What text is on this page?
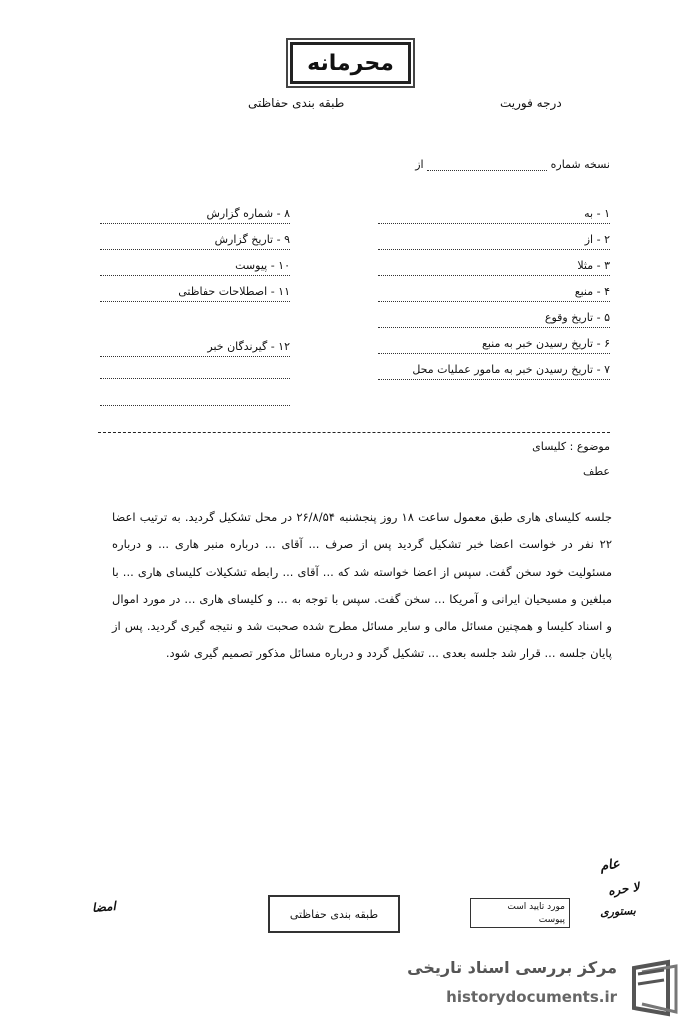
محرمانه
طبقه بندی حفاظتی	درجه فوریت
نسخه شماره  از
۱ - به
۲ - از
۳ - مثلا
۴ - منبع
۵ - تاریخ وقوع
۶ - تاریخ رسیدن خبر به منبع
۷ - تاریخ رسیدن خبر به مامور عملیات محل
۸ - شماره گزارش
۹ - تاریخ گزارش
۱۰ - پیوست
۱۱ - اصطلاحات حفاظتی
۱۲ - گیرندگان خبر
موضوع : کلیسای
عطف
جلسه کلیسای هاری طبق معمول ساعت ۱۸ روز پنجشنبه ۲۶/۸/۵۴ در محل تشکیل گردید. به ترتیب اعضا ۲۲ نفر در خواست اعضا خبر تشکیل گردید پس از صرف ... آقای ... درباره منبر هاری ... و درباره مسئولیت خود سخن گفت. سپس از اعضا خواسته شد که ... آقای ... رابطه تشکیلات کلیسای هاری ... با مبلغین و مسیحیان ایرانی و آمریکا ... سخن گفت. سپس با توجه به ... و کلیسای هاری ... در مورد اموال و اسناد کلیسا و همچنین مسائل مالی و سایر مسائل مطرح شده صحبت شد و نتیجه گیری گردید. پس از پایان جلسه ... قرار شد جلسه بعدی ... تشکیل گردد و درباره مسائل مذکور تصمیم گیری شود.
عام
لا حره
بستوری
امضا	طبقه بندی حفاظتی
مورد تایید است
پیوست
مرکز بررسی اسناد تاریخی
historydocuments.ir
